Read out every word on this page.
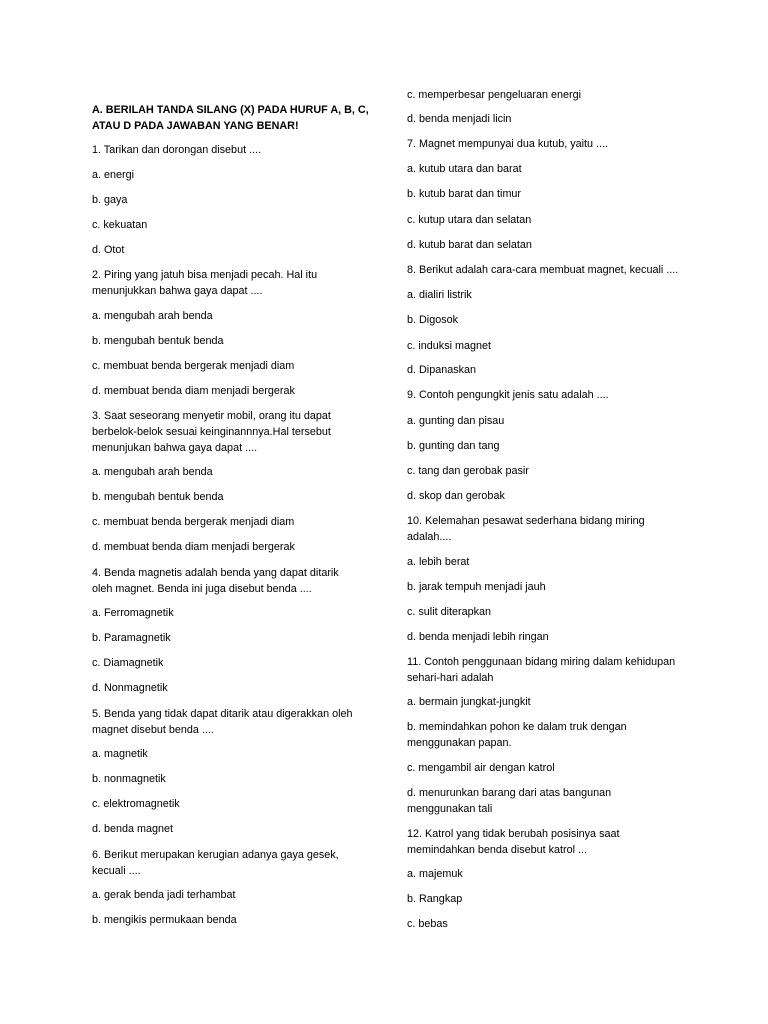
A. BERILAH TANDA SILANG (X) PADA HURUF A, B, C,
ATAU D PADA JAWABAN YANG BENAR!
1. Tarikan dan dorongan disebut ....
a. energi
b. gaya
c. kekuatan
d. Otot
2. Piring yang jatuh bisa menjadi pecah. Hal itu
menunjukkan bahwa gaya dapat ....
a. mengubah arah benda
b. mengubah bentuk benda
c. membuat benda bergerak menjadi diam
d. membuat benda diam menjadi bergerak
3. Saat seseorang menyetir mobil, orang itu dapat
berbelok-belok sesuai keinginannnya.Hal tersebut
menunjukan bahwa gaya dapat ....
a. mengubah arah benda
b. mengubah bentuk benda
c. membuat benda bergerak menjadi diam
d. membuat benda diam menjadi bergerak
4. Benda magnetis adalah benda yang dapat ditarik
oleh magnet. Benda ini juga disebut benda ....
a. Ferromagnetik
b. Paramagnetik
c. Diamagnetik
d. Nonmagnetik
5. Benda yang tidak dapat ditarik atau digerakkan oleh
magnet disebut benda ....
a. magnetik
b. nonmagnetik
c. elektromagnetik
d. benda magnet
6. Berikut merupakan kerugian adanya gaya gesek,
kecuali ....
a. gerak benda jadi terhambat
b. mengikis permukaan benda
c. memperbesar pengeluaran energi
d. benda menjadi licin
7. Magnet mempunyai dua kutub, yaitu ....
a. kutub utara dan barat
b. kutub barat dan timur
c. kutup utara dan selatan
d. kutub barat dan selatan
8. Berikut adalah cara-cara membuat magnet, kecuali ....
a. dialiri listrik
b. Digosok
c. induksi magnet
d. Dipanaskan
9. Contoh pengungkit jenis satu adalah ....
a. gunting dan pisau
b. gunting dan tang
c. tang dan gerobak pasir
d. skop dan gerobak
10. Kelemahan pesawat sederhana bidang miring
adalah....
a. lebih berat
b. jarak tempuh menjadi jauh
c. sulit diterapkan
d. benda menjadi lebih ringan
11. Contoh penggunaan bidang miring dalam kehidupan
sehari-hari adalah
a. bermain jungkat-jungkit
b. memindahkan pohon ke dalam truk dengan
menggunakan papan.
c. mengambil air dengan katrol
d. menurunkan barang dari atas bangunan
menggunakan tali
12. Katrol yang tidak berubah posisinya saat
memindahkan benda disebut katrol ...
a. majemuk
b. Rangkap
c. bebas
